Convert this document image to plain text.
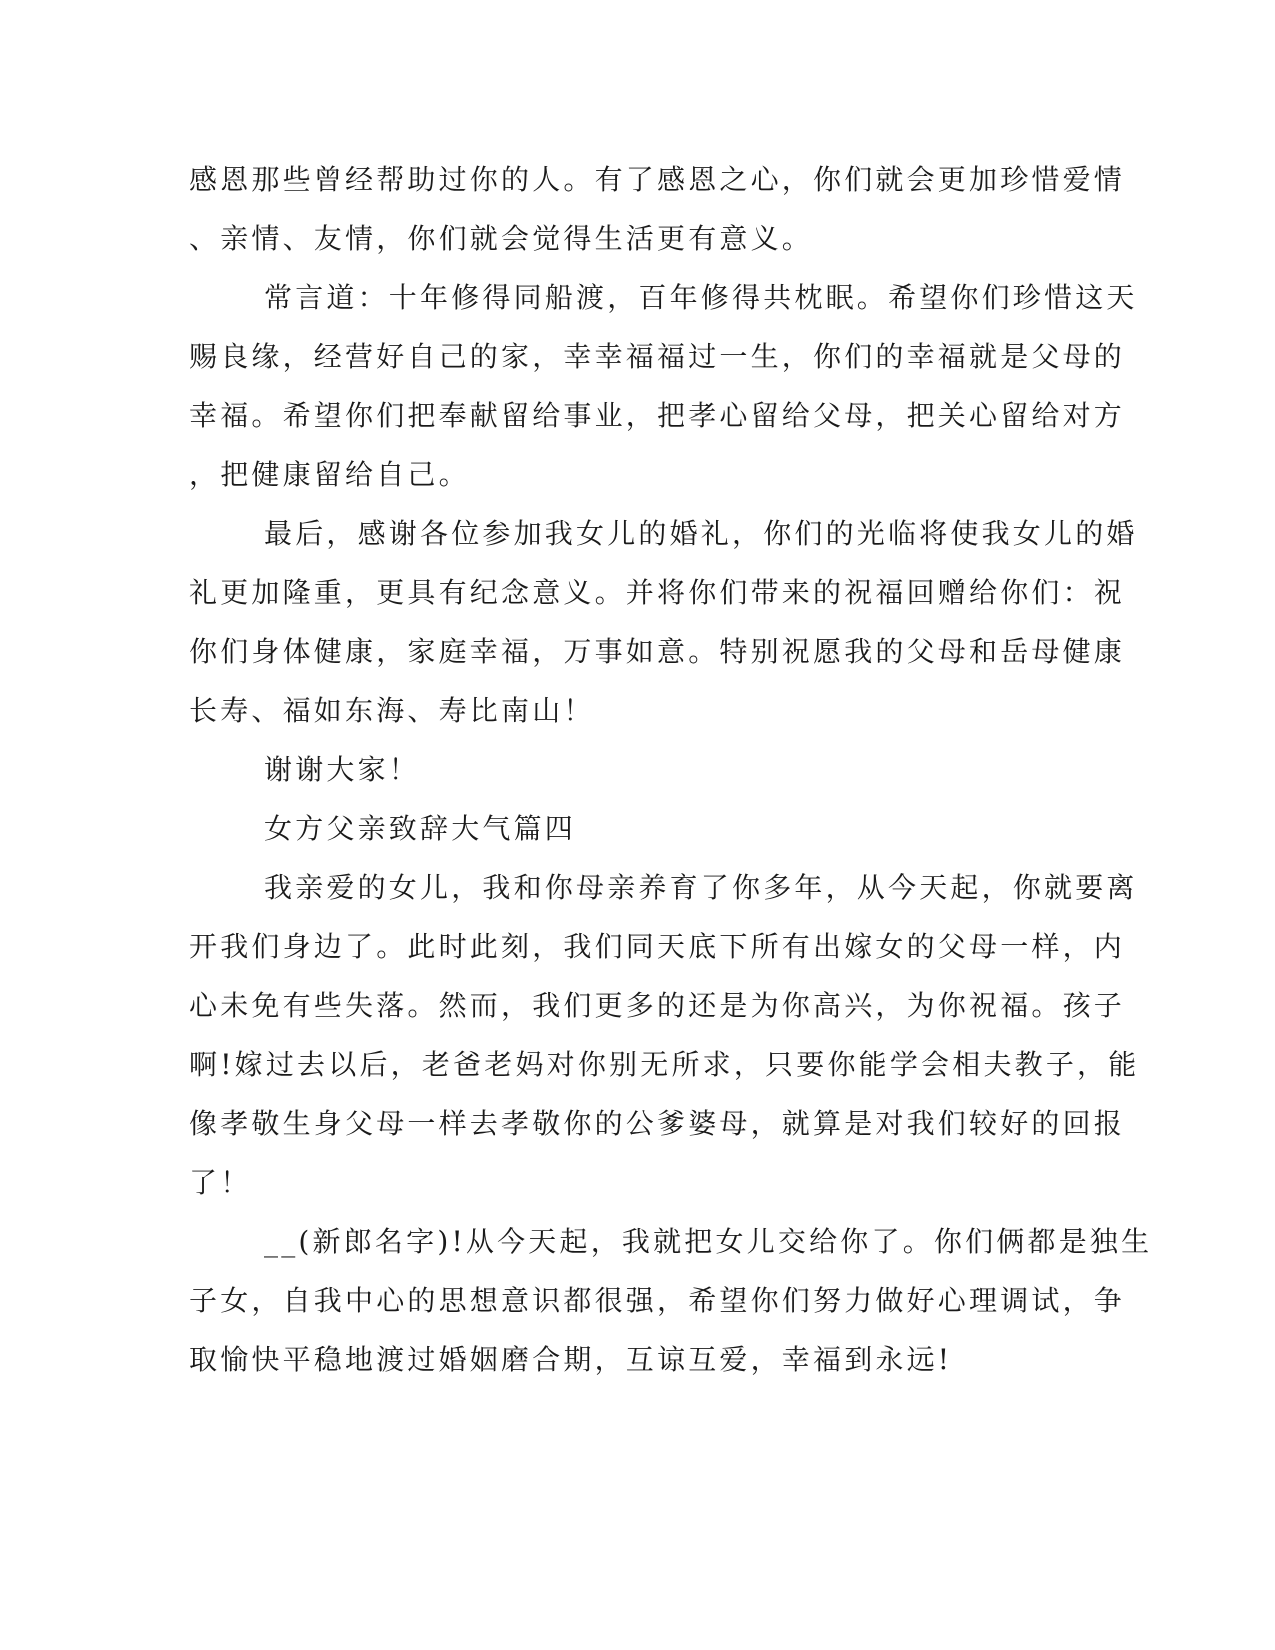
感恩那些曾经帮助过你的人。有了感恩之心，你们就会更加珍惜爱情
、亲情、友情，你们就会觉得生活更有意义。
常言道：十年修得同船渡，百年修得共枕眠。希望你们珍惜这天
赐良缘，经营好自己的家，幸幸福福过一生，你们的幸福就是父母的
幸福。希望你们把奉献留给事业，把孝心留给父母，把关心留给对方
，把健康留给自己。
最后，感谢各位参加我女儿的婚礼，你们的光临将使我女儿的婚
礼更加隆重，更具有纪念意义。并将你们带来的祝福回赠给你们：祝
你们身体健康，家庭幸福，万事如意。特别祝愿我的父母和岳母健康
长寿、福如东海、寿比南山！
谢谢大家！
女方父亲致辞大气篇四
我亲爱的女儿，我和你母亲养育了你多年，从今天起，你就要离
开我们身边了。此时此刻，我们同天底下所有出嫁女的父母一样，内
心未免有些失落。然而，我们更多的还是为你高兴，为你祝福。孩子
啊!嫁过去以后，老爸老妈对你别无所求，只要你能学会相夫教子，能
像孝敬生身父母一样去孝敬你的公爹婆母，就算是对我们较好的回报
了！
__(新郎名字)!从今天起，我就把女儿交给你了。你们俩都是独生
子女，自我中心的思想意识都很强，希望你们努力做好心理调试，争
取愉快平稳地渡过婚姻磨合期，互谅互爱，幸福到永远!
